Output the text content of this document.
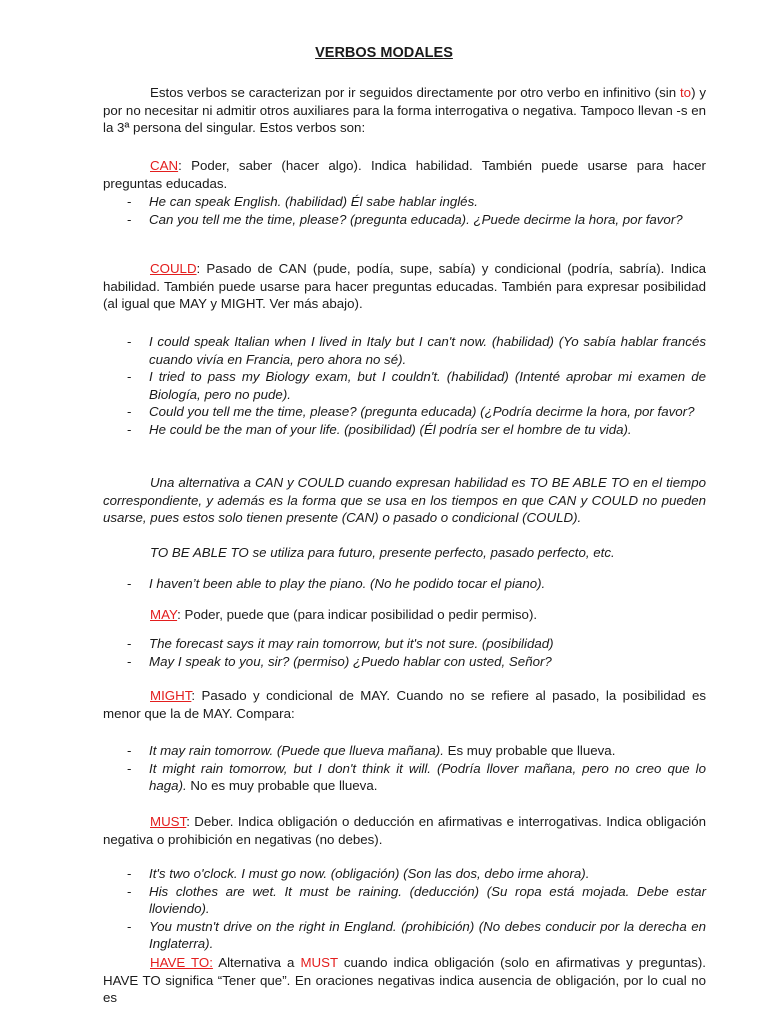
VERBOS MODALES
Estos verbos se caracterizan por ir seguidos directamente por otro verbo en infinitivo (sin to) y por no necesitar ni admitir otros auxiliares para la forma interrogativa o negativa. Tampoco llevan -s en la 3ª persona del singular. Estos verbos son:
CAN: Poder, saber (hacer algo). Indica habilidad. También puede usarse para hacer preguntas educadas.
- He can speak English. (habilidad) Él sabe hablar inglés.
- Can you tell me the time, please? (pregunta educada). ¿Puede decirme la hora, por favor?
COULD: Pasado de CAN (pude, podía, supe, sabía) y condicional (podría, sabría). Indica habilidad. También puede usarse para hacer preguntas educadas. También para expresar posibilidad (al igual que MAY y MIGHT. Ver más abajo).
- I could speak Italian when I lived in Italy but I can't now. (habilidad) (Yo sabía hablar francés cuando vivía en Francia, pero ahora no sé).
- I tried to pass my Biology exam, but I couldn't. (habilidad) (Intenté aprobar mi examen de Biología, pero no pude).
- Could you tell me the time, please? (pregunta educada) (¿Podría decirme la hora, por favor?
- He could be the man of your life. (posibilidad) (Él podría ser el hombre de tu vida).
Una alternativa a CAN y COULD cuando expresan habilidad es TO BE ABLE TO en el tiempo correspondiente, y además es la forma que se usa en los tiempos en que CAN y COULD no pueden usarse, pues estos solo tienen presente (CAN) o pasado o condicional (COULD).
TO BE ABLE TO se utiliza para futuro, presente perfecto, pasado perfecto, etc.
- I haven’t been able to play the piano. (No he podido tocar el piano).
MAY: Poder, puede que (para indicar posibilidad o pedir permiso).
- The forecast says it may rain tomorrow, but it's not sure. (posibilidad)
- May I speak to you, sir? (permiso) ¿Puedo hablar con usted, Señor?
MIGHT: Pasado y condicional de MAY. Cuando no se refiere al pasado, la posibilidad es menor que la de MAY. Compara:
- It may rain tomorrow. (Puede que llueva mañana). Es muy probable que llueva.
- It might rain tomorrow, but I don't think it will. (Podría llover mañana, pero no creo que lo haga). No es muy probable que llueva.
MUST: Deber. Indica obligación o deducción en afirmativas e interrogativas. Indica obligación negativa o prohibición en negativas (no debes).
- It's two o'clock. I must go now. (obligación) (Son las dos, debo irme ahora).
- His clothes are wet. It must be raining. (deducción) (Su ropa está mojada. Debe estar lloviendo).
- You mustn't drive on the right in England. (prohibición) (No debes conducir por la derecha en Inglaterra).
HAVE TO: Alternativa a MUST cuando indica obligación (solo en afirmativas y preguntas). HAVE TO significa “Tener que”. En oraciones negativas indica ausencia de obligación, por lo cual no es
